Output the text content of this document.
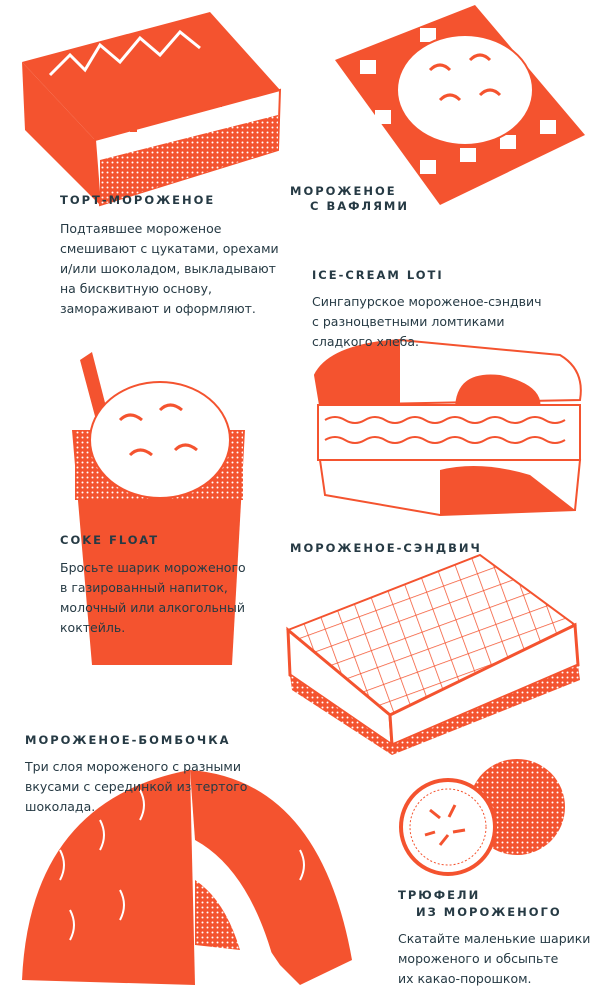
ТОРТ-МОРОЖЕНОЕ
Подтаявшее мороженое
смешивают с цукатами, орехами
и/или шоколадом, выкладывают
на бисквитную основу,
замораживают и оформляют.
МОРОЖЕНОЕ
С ВАФЛЯМИ
ICE-CREAM LOTI
Сингапурское мороженое-сэндвич
с разноцветными ломтиками
сладкого хлеба.
COKE FLOAT
Бросьте шарик мороженого
в газированный напиток,
молочный или алкогольный
коктейль.
МОРОЖЕНОЕ-СЭНДВИЧ
МОРОЖЕНОЕ-БОМБОЧКА
Три слоя мороженого с разными
вкусами с серединкой из тертого
шоколада.
ТРЮФЕЛИ
ИЗ МОРОЖЕНОГО
Скатайте маленькие шарики
мороженого и обсыпьте
их какао-порошком.
